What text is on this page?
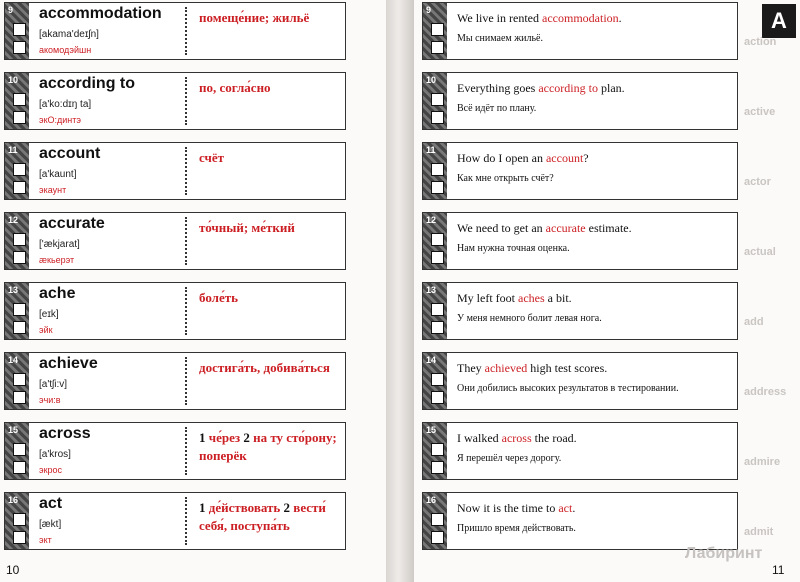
9 accommodation
[akama'deɪʃn]
акомодэйшн
помеще́ние; жильё
10 according to
[a'ko:dɪŋ ta]
экО:динтэ
по, согла́сно
11 account
[a'kaunt]
экаунт
счёт
12 accurate
['ækjarat]
ӕкьерэт
то́чный; ме́ткий
13 ache
[eɪk]
эйк
боле́ть
14 achieve
[a'tʃi:v]
эчи:в
достига́ть, добива́ться
15 across
[a'kros]
экрос
1 че́рез 2 на ту сто́рону; поперёк
16 act
[ækt]
экт
1 де́йствовать 2 вести́ себя́, поступа́ть
9
We live in rented accommodation.
Мы снимаем жильё.
10
Everything goes according to plan.
Всё идёт по плану.
11
How do I open an account?
Как мне открыть счёт?
12
We need to get an accurate estimate.
Нам нужна точная оценка.
13
My left foot aches a bit.
У меня немного болит левая нога.
14
They achieved high test scores.
Они добились высоких результатов в тестировании.
15
I walked across the road.
Я перешёл через дорогу.
16
Now it is the time to act.
Пришло время действовать.
10	11
A
Лабиринт
action
active
actor
actual
add
address
admire
admit
